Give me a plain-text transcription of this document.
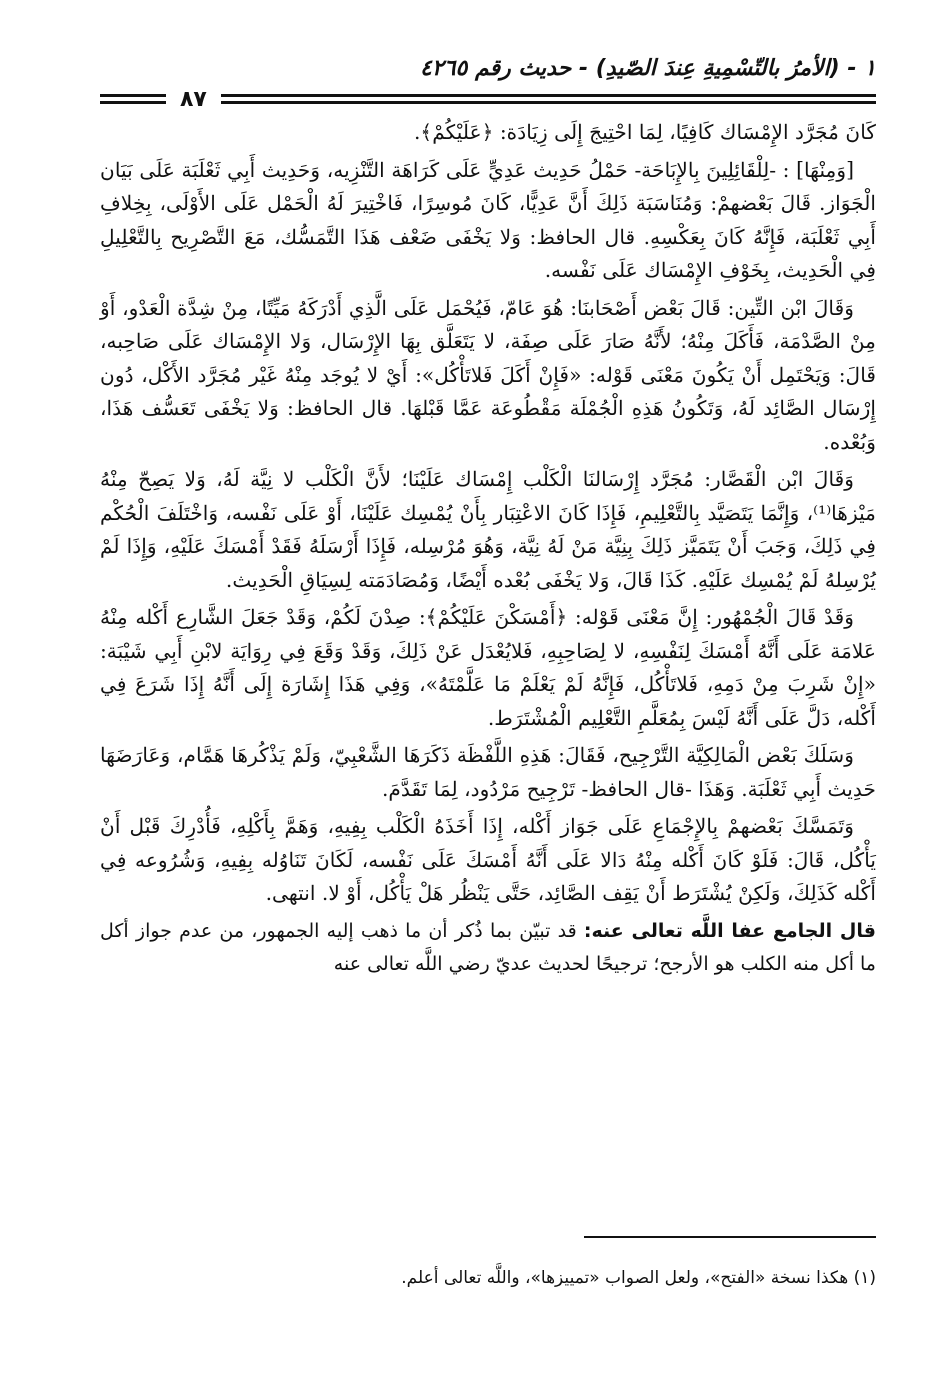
١ - (الأمرُ بالتّسْمِيةِ عِندَ الصّيدِ) - حديث رقم ٤٢٦٥
٨٧

كَانَ مُجَرَّد الإِمْسَاك كَافِيًا، لِمَا احْتِيجَ إِلَى زِيَادَة: ﴿عَلَيْكُمْ﴾.

[وَمِنْهَا] : -لِلْقَائِلِينَ بِالإِبَاحَة- حَمْلُ حَدِيث عَدِيٍّ عَلَى كَرَاهَة التَّنْزِيه، وَحَدِيث أَبِي ثَعْلَبَة عَلَى بَيَان الْجَوَاز. قَالَ بَعْضهمْ: وَمُنَاسَبَة ذَلِكَ أَنَّ عَدِيًّا، كَانَ مُوسِرًا، فَاخْتِيرَ لَهُ الْحَمْل عَلَى الأَوْلَى، بِخِلافِ أَبِي ثَعْلَبَة، فَإِنَّهُ كَانَ بِعَكْسِهِ. قال الحافظ: وَلا يَخْفَى ضَعْف هَذَا التَّمَسُّك، مَعَ التَّصْرِيح بِالتَّعْلِيلِ فِي الْحَدِيث، بِخَوْفِ الإِمْسَاك عَلَى نَفْسه.

وَقَالَ ابْن التِّين: قَالَ بَعْض أَصْحَابنَا: هُوَ عَامّ، فَيُحْمَل عَلَى الَّذِي أَدْرَكَهُ مَيِّتًا، مِنْ شِدَّة الْعَدْو، أَوْ مِنْ الصَّدْمَة، فَأَكَلَ مِنْهُ؛ لأَنَّهُ صَارَ عَلَى صِفَة، لا يَتَعَلَّق بِهَا الإِرْسَال، وَلا الإِمْسَاك عَلَى صَاحِبه، قَالَ: وَيَحْتَمِل أَنْ يَكُونَ مَعْنَى قَوْله: «فَإِنْ أَكَلَ فَلاتَأْكُل»: أَيْ لا يُوجَد مِنْهُ غَيْر مُجَرَّد الأَكْل، دُون إِرْسَال الصَّائِد لَهُ، وَتَكُونُ هَذِهِ الْجُمْلَة مَقْطُوعَة عَمَّا قَبْلهَا. قال الحافظ: وَلا يَخْفَى تَعَسُّف هَذَا، وَبُعْده.

وَقَالَ ابْن الْقَصَّار: مُجَرَّد إِرْسَالنَا الْكَلْب إِمْسَاك عَلَيْنَا؛ لأَنَّ الْكَلْب لا نِيَّة لَهُ، وَلا يَصِحّ مِنْهُ مَيْزهَا⁽¹⁾، وَإِنَّمَا يَتَصَيَّد بِالتَّعْلِيمِ، فَإِذَا كَانَ الاعْتِبَار بِأَنْ يُمْسِك عَلَيْنَا، أَوْ عَلَى نَفْسه، وَاخْتَلَفَ الْحُكْم فِي ذَلِكَ، وَجَبَ أَنْ يَتَمَيَّز ذَلِكَ بِنِيَّة مَنْ لَهُ نِيَّة، وَهُوَ مُرْسِله، فَإِذَا أَرْسَلَهُ فَقَدْ أَمْسَكَ عَلَيْهِ، وَإِذَا لَمْ يُرْسِلهُ لَمْ يُمْسِك عَلَيْهِ. كَذَا قَالَ، وَلا يَخْفَى بُعْده أَيْضًا، وَمُصَادَمَته لِسِيَاقِ الْحَدِيث.

وَقَدْ قَالَ الْجُمْهُور: إِنَّ مَعْنَى قَوْله: ﴿أَمْسَكْنَ عَلَيْكُمْ﴾: صِدْنَ لَكُمْ، وَقَدْ جَعَلَ الشَّارِع أَكْله مِنْهُ عَلامَة عَلَى أَنَّهُ أَمْسَكَ لِنَفْسِهِ، لا لِصَاحِبِهِ، فَلايُعْدَل عَنْ ذَلِكَ، وَقَدْ وَقَعَ فِي رِوَايَة لابْنِ أَبِي شَيْبَة: «إِنْ شَرِبَ مِنْ دَمِهِ، فَلاتَأْكُل، فَإِنَّهُ لَمْ يَعْلَمْ مَا عَلَّمْتَهُ»، وَفِي هَذَا إِشَارَة إِلَى أَنَّهُ إِذَا شَرَعَ فِي أَكْله، دَلَّ عَلَى أَنَّهُ لَيْسَ بِمُعَلَّمِ التَّعْلِيم الْمُشْتَرَط.

وَسَلَكَ بَعْض الْمَالِكِيَّة التَّرْجِيح، فَقَالَ: هَذِهِ اللَّفْظَة ذَكَرَهَا الشَّعْبِيّ، وَلَمْ يَذْكُرهَا هَمَّام، وَعَارَضَهَا حَدِيث أَبِي ثَعْلَبَة. وَهَذَا -قال الحافظ- تَرْجِيح مَرْدُود، لِمَا تَقَدَّمَ.

وَتَمَسَّكَ بَعْضهمْ بِالإِجْمَاعِ عَلَى جَوَاز أَكْله، إِذَا أَخَذَهُ الْكَلْب بِفِيهِ، وَهَمَّ بِأَكْلِهِ، فَأُدْرِكَ قَبْل أَنْ يَأْكُل، قَالَ: فَلَوْ كَانَ أَكْله مِنْهُ دَالا عَلَى أَنَّهُ أَمْسَكَ عَلَى نَفْسه، لَكَانَ تَنَاوُله بِفِيهِ، وَشُرُوعه فِي أَكْله كَذَلِكَ، وَلَكِنْ يُشْتَرَط أَنْ يَقِف الصَّائِد، حَتَّى يَنْظُر هَلْ يَأْكُل، أَوْ لا. انتهى.

قال الجامع عفا اللَّه تعالى عنه: قد تبيّن بما ذُكر أن ما ذهب إليه الجمهور، من عدم جواز أكل ما أكل منه الكلب هو الأرجح؛ ترجيحًا لحديث عديّ رضي اللَّه تعالى عنه
(١) هكذا نسخة «الفتح»، ولعل الصواب «تمييزها»، واللَّه تعالى أعلم.
